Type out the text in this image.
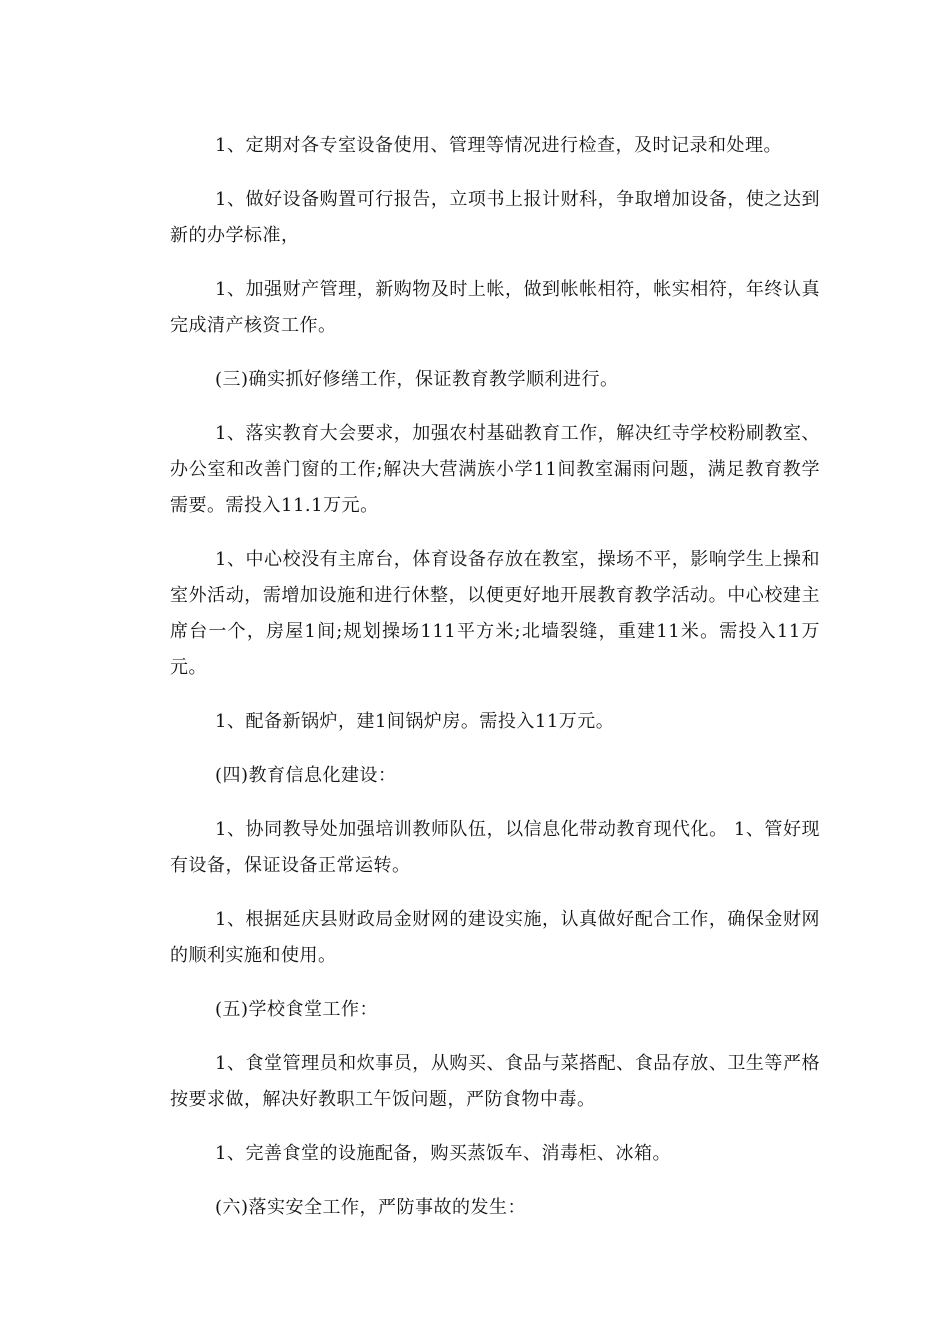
1、定期对各专室设备使用、管理等情况进行检查，及时记录和处理。

1、做好设备购置可行报告，立项书上报计财科，争取增加设备，使之达到新的办学标准，

1、加强财产管理，新购物及时上帐，做到帐帐相符，帐实相符，年终认真完成清产核资工作。

(三)确实抓好修缮工作，保证教育教学顺利进行。

1、落实教育大会要求，加强农村基础教育工作，解决红寺学校粉刷教室、办公室和改善门窗的工作;解决大营满族小学11间教室漏雨问题，满足教育教学需要。需投入11.1万元。

1、中心校没有主席台，体育设备存放在教室，操场不平，影响学生上操和室外活动，需增加设施和进行休整，以便更好地开展教育教学活动。中心校建主席台一个，房屋1间;规划操场111平方米;北墙裂缝，重建11米。需投入11万元。

1、配备新锅炉，建1间锅炉房。需投入11万元。

(四)教育信息化建设：

1、协同教导处加强培训教师队伍，以信息化带动教育现代化。 1、管好现有设备，保证设备正常运转。

1、根据延庆县财政局金财网的建设实施，认真做好配合工作，确保金财网的顺利实施和使用。

(五)学校食堂工作：

1、食堂管理员和炊事员，从购买、食品与菜搭配、食品存放、卫生等严格按要求做，解决好教职工午饭问题，严防食物中毒。

1、完善食堂的设施配备，购买蒸饭车、消毒柜、冰箱。

(六)落实安全工作，严防事故的发生：
